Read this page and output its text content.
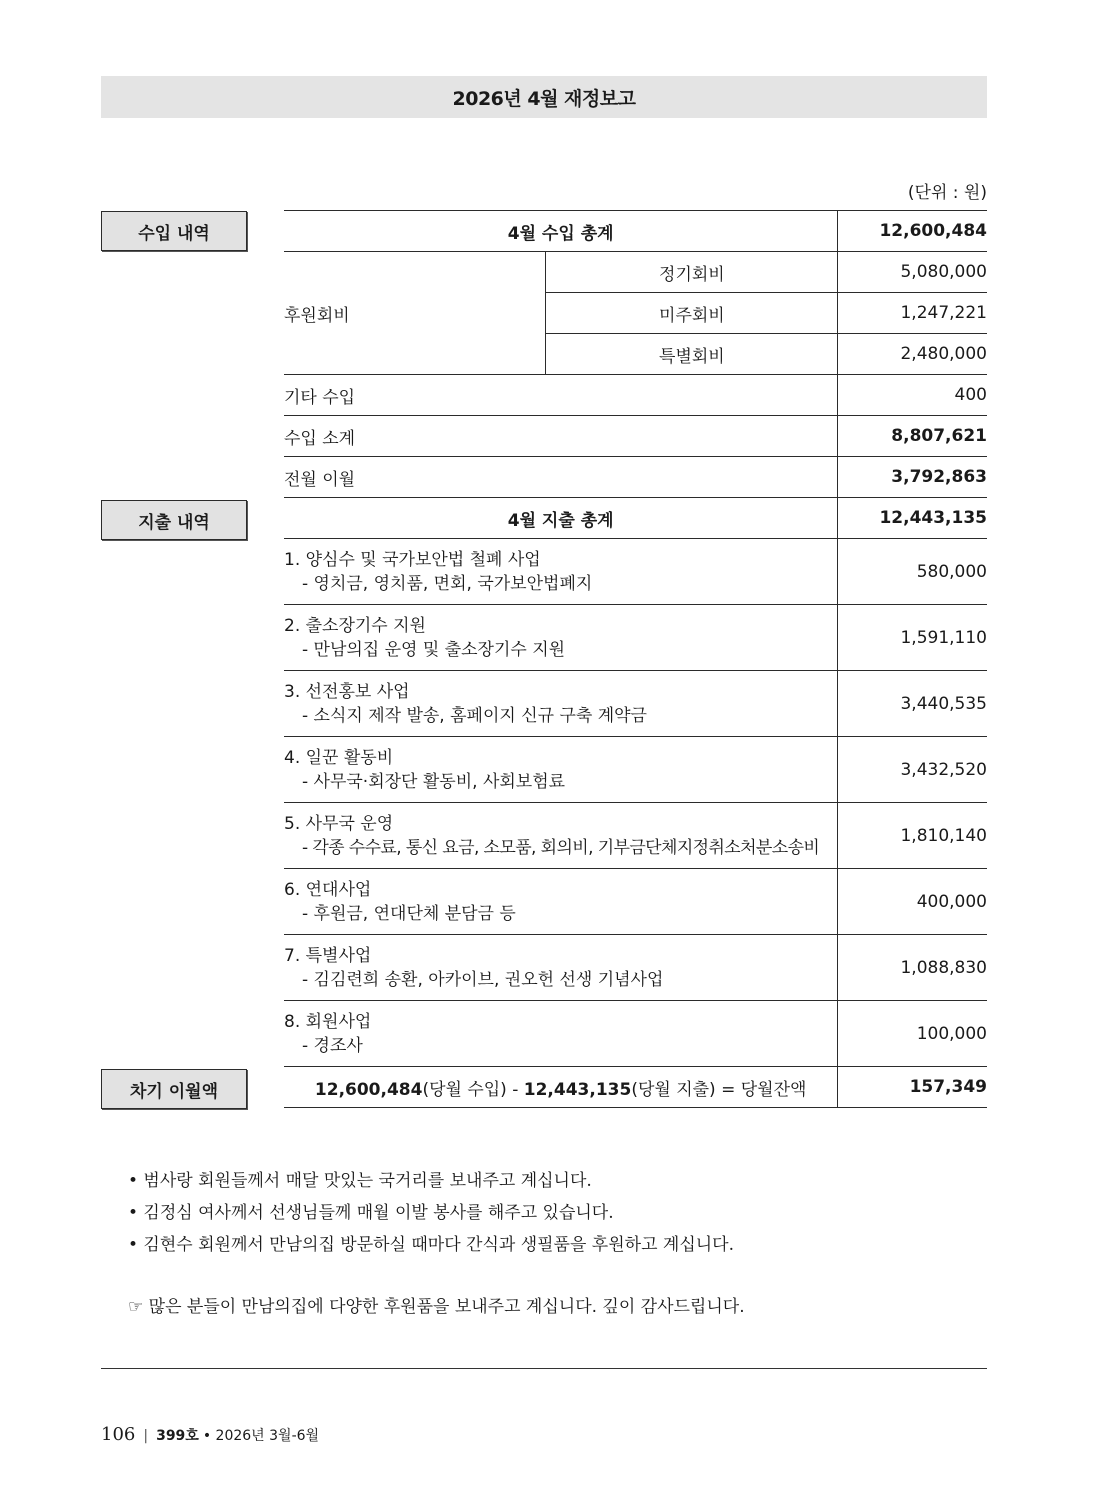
2026년 4월 재정보고
(단위 : 원)
수입 내역
지출 내역
차기 이월액
4월 수입 총계		12,600,484
후원회비	정기회비	5,080,000
	미주회비	1,247,221
	특별회비	2,480,000
기타 수입		400
수입 소계		8,807,621
전월 이월		3,792,863
4월 지출 총계		12,443,135

1. 양심수 및 국가보안법 철폐 사업
- 영치금, 영치품, 면회, 국가보안법폐지		580,000

2. 출소장기수 지원
- 만남의집 운영 및 출소장기수 지원		1,591,110

3. 선전홍보 사업
- 소식지 제작 발송, 홈페이지 신규 구축 계약금		3,440,535

4. 일꾼 활동비
- 사무국·회장단 활동비, 사회보험료		3,432,520

5. 사무국 운영
- 각종 수수료, 통신 요금, 소모품, 회의비, 기부금단체지정취소처분소송비		1,810,140

6. 연대사업
- 후원금, 연대단체 분담금 등		400,000

7. 특별사업
- 김김련희 송환, 아카이브, 권오헌 선생 기념사업		1,088,830

8. 회원사업
- 경조사		100,000
12,600,484(당월 수입) - 12,443,135(당월 지출) = 당월잔액		157,349
• 범사랑 회원들께서 매달 맛있는 국거리를 보내주고 계십니다.
• 김정심 여사께서 선생님들께 매월 이발 봉사를 해주고 있습니다.
• 김현수 회원께서 만남의집 방문하실 때마다 간식과 생필품을 후원하고 계십니다.
☞ 많은 분들이 만남의집에 다양한 후원품을 보내주고 계십니다. 깊이 감사드립니다.
106 | 399호 • 2026년 3월-6월
